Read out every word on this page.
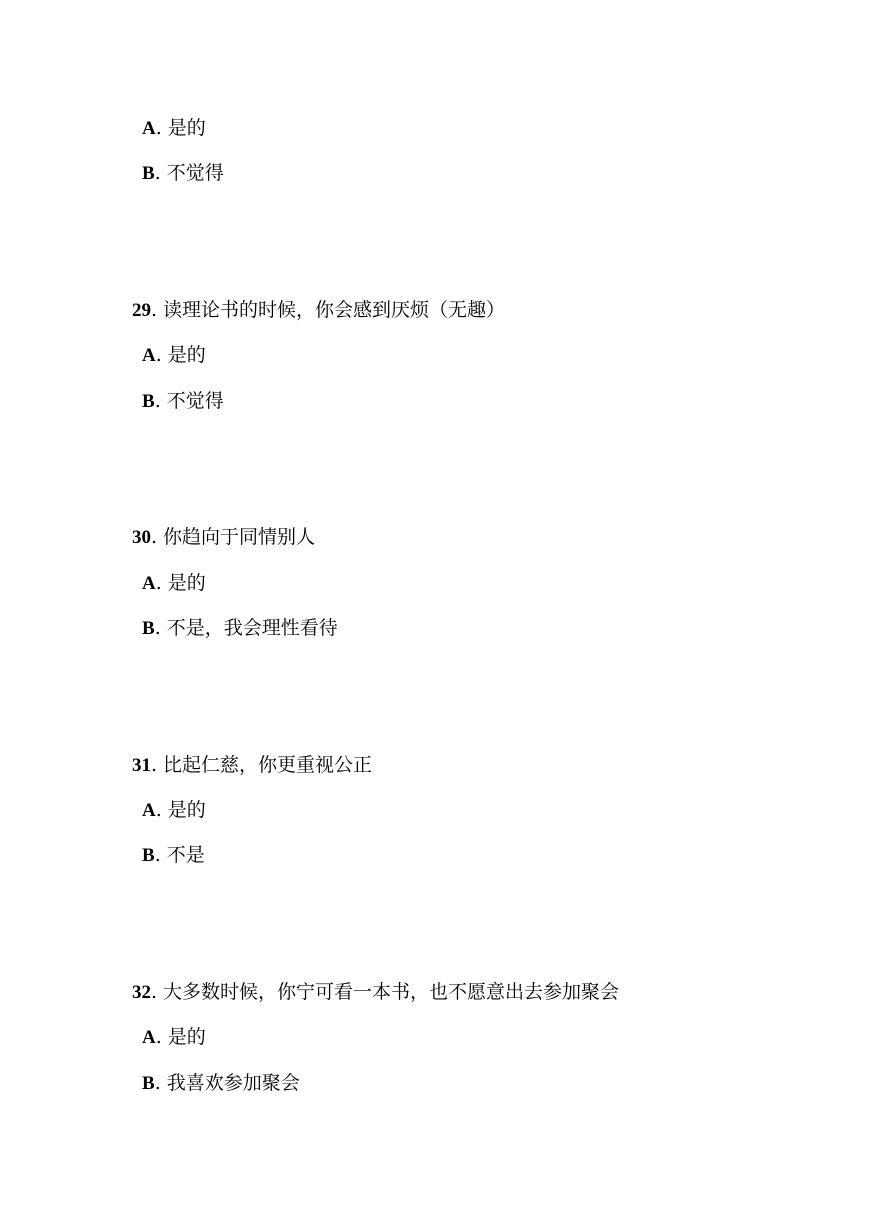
A. 是的
B. 不觉得
29. 读理论书的时候，你会感到厌烦（无趣）
A. 是的
B. 不觉得
30. 你趋向于同情别人
A. 是的
B. 不是，我会理性看待
31. 比起仁慈，你更重视公正
A. 是的
B. 不是
32. 大多数时候，你宁可看一本书，也不愿意出去参加聚会
A. 是的
B. 我喜欢参加聚会
